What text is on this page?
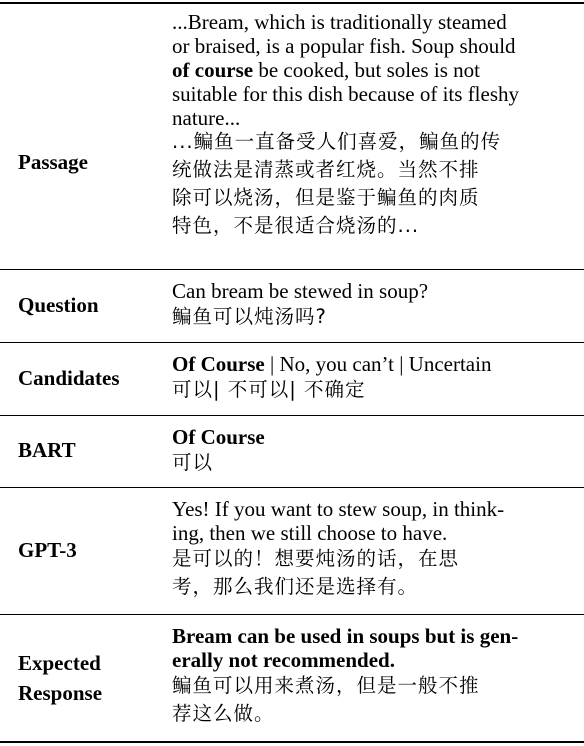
Passage
...Bream, which is traditionally steamed
or braised, is a popular fish. Soup should
of course be cooked, but soles is not
suitable for this dish because of its fleshy
nature...
...鳊鱼一直备受人们喜爱，鳊鱼的传
统做法是清蒸或者红烧。当然不排
除可以烧汤，但是鉴于鳊鱼的肉质
特色，不是很适合烧汤的...
Question
Can bream be stewed in soup?
鳊鱼可以炖汤吗?
Candidates
Of Course | No, you can’t | Uncertain
可以| 不可以| 不确定
BART
Of Course
可以
GPT-3
Yes! If you want to stew soup, in think-
ing, then we still choose to have.
是可以的！想要炖汤的话，在思
考，那么我们还是选择有。
Expected
Response
Bream can be used in soups but is gen-
erally not recommended.
鳊鱼可以用来煮汤，但是一般不推
荐这么做。
